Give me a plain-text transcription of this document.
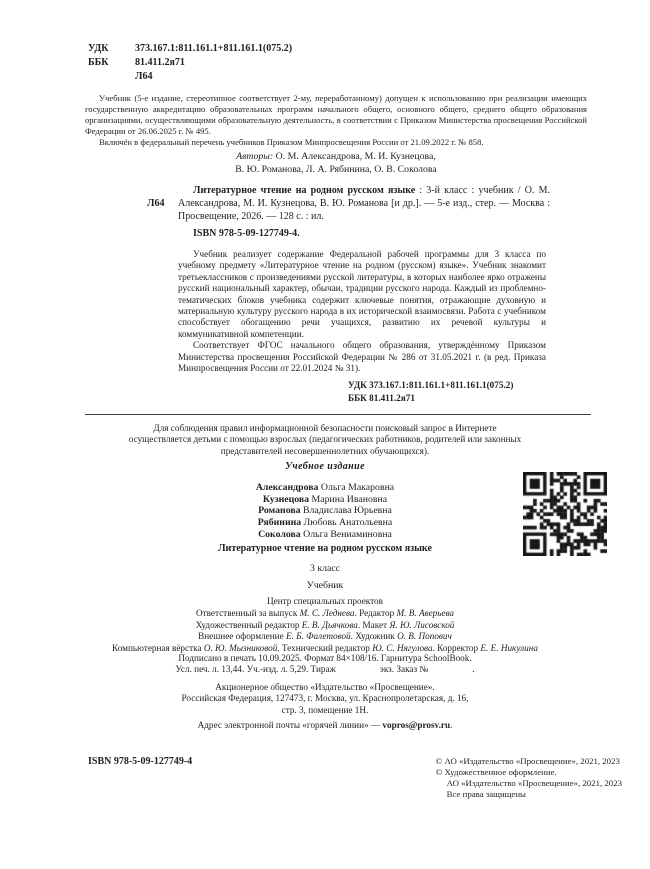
УДК	373.167.1:811.161.1+811.161.1(075.2)
ББК	81.411.2я71
Л64

Учебник (5-е издание, стереотипное соответствует 2-му, переработанному) допущен к использованию при реализации имеющих государственную аккредитацию образовательных программ начального общего, основного общего, среднего общего образования организациями, осуществляющими образовательную деятельность, в соответствии с Приказом Министерства просвещения Российской Федерации от 26.06.2025 г. № 495.

Включён в федеральный перечень учебников Приказом Минпросвещения России от 21.09.2022 г. № 858.

Авторы: О. М. Александрова, М. И. Кузнецова,
В. Ю. Романова, Л. А. Рябинина, О. В. Соколова
Л64

Литературное чтение на родном русском языке : 3-й класс : учебник / О. М. Александрова, М. И. Кузнецова, В. Ю. Романова [и др.]. — 5-е изд., стер. — Москва : Просвещение, 2026. — 128 с. : ил.

ISBN 978-5-09-127749-4.

Учебник реализует содержание Федеральной рабочей программы для 3 класса по учебному предмету «Литературное чтение на родном (русском) языке». Учебник знакомит третьеклассников с произведениями русской литературы, в которых наиболее ярко отражены русский национальный характер, обычаи, традиции русского народа. Каждый из проблемно-тематических блоков учебника содержит ключевые понятия, отражающие духовную и материальную культуру русского народа в их исторической взаимосвязи. Работа с учебником способствует обогащению речи учащихся, развитию их речевой культуры и коммуникативной компетенции.

Соответствует ФГОС начального общего образования, утверждённому Приказом Министерства просвещения Российской Федерации № 286 от 31.05.2021 г. (в ред. Приказа Минпросвещения России от 22.01.2024 № 31).

УДК 373.167.1:811.161.1+811.161.1(075.2)
ББК 81.411.2я71

Для соблюдения правил информационной безопасности поисковый запрос в Интернете осуществляется детьми с помощью взрослых (педагогических работников, родителей или законных представителей несовершеннолетних обучающихся).

Учебное издание
Александрова Ольга Макаровна
Кузнецова Марина Ивановна
Романова Владислава Юрьевна
Рябинина Любовь Анатольевна
Соколова Ольга Вениаминовна
Литературное чтение на родном русском языке
3 класс
Учебник
Центр специальных проектов
Ответственный за выпуск М. С. Леднева. Редактор М. В. Аверьева
Художественный редактор Е. В. Дьячкова. Макет Я. Ю. Лисовской
Внешнее оформление Е. Б. Фалетовой. Художник О. В. Попович
Компьютерная вёрстка О. Ю. Мызниковой. Технический редактор Ю. С. Нягулова. Корректор Е. Е. Никулина
Подписано в печать 10.09.2025. Формат 84×108/16. Гарнитура SchoolBook.
Усл. печ. л. 13,44. Уч.-изд. л. 5,29. Тираж	экз. Заказ №	.
Акционерное общество «Издательство «Просвещение».
Российская Федерация, 127473, г. Москва, ул. Краснопролетарская, д. 16,
стр. 3, помещение 1Н.
Адрес электронной почты «горячей линии» — vopros@prosv.ru.
ISBN 978-5-09-127749-4	© АО «Издательство «Просвещение», 2021, 2023
© Художественное оформление.
АО «Издательство «Просвещение», 2021, 2023
Все права защищены
